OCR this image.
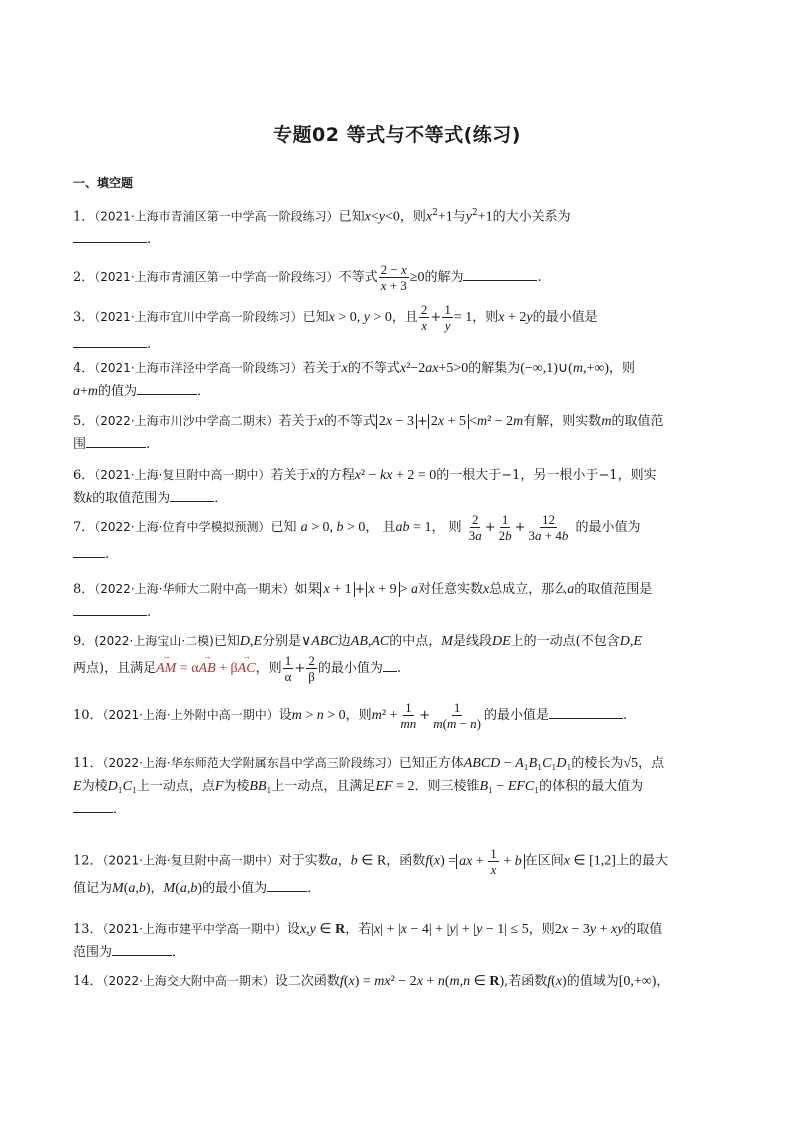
专题02 等式与不等式(练习)
一、填空题
1．（2021·上海市青浦区第一中学高一阶段练习）已知x<y<0，则$x^2+1$与$y^2+1$的大小关系为
.
2．（2021·上海市青浦区第一中学高一阶段练习）不等式 $\frac{2 - x}{x + 3} \ge 0$的解为	.
3．（2021·上海市宜川中学高一阶段练习）已知x > 0, y > 0，且 $\frac{2}{x} + \frac{1}{y} = 1$，则x + 2y的最小值是
.
4．（2021·上海市洋泾中学高一阶段练习）若关于x的不等式x²−2ax+5>0的解集为(−∞,1)∪(m,+∞)，则
a+m的值为	．
5．（2022·上海市川沙中学高二期末）若关于x的不等式 2x − 3 + 2x + 5 <m² − 2m有解，则实数m的取值范
围	.
6．（2021·上海·复旦附中高一期中）若关于x的方程x² − kx + 2 = 0的一根大于−1，另一根小于−1，则实
数k的取值范围为	．
7．（2022·上海·位育中学模拟预测）已知 a > 0, b > 0， 且ab = 1， 则 $\frac{2}{3a} + \frac{1}{2b} + \frac{12}{3a + 4b}$ 的最小值为
.
8．（2022·上海·华师大二附中高一期末）如果 x + 1 + x + 9 > a对任意实数x总成立，那么a的取值范围是
.
9．(2022·上海宝山·二模)已知D,E分别是∨ABC边AB,AC的中点，M是线段DE上的一动点(不包含D,E
两点)，且满足→ AM = α→ AB + β→ AC，则 $\frac{1}{\alpha} + \frac{2}{\beta}$ 的最小值为 .
10．（2021·上海·上外附中高一期中）设m > n > 0，则$m^2 + \frac{1}{mn} + \frac{1}{m(m - n)}$ 的最小值是	.
11．（2022·上海·华东师范大学附属东昌中学高三阶段练习）已知正方体ABCD − A₁B₁C₁D₁的棱长为√5，点
E为棱D₁C₁上一动点，点F为棱BB₁上一动点，且满足EF = 2．则三棱锥B₁ − EFC₁的体积的最大值为
．
12．（2021·上海·复旦附中高一期中）对于实数a，b ∈ R，函数f(x) = ax + $\frac{1}{x} + b$ 在区间x ∈ [1,2]上的最大
值记为M(a,b)，M(a,b)的最小值为	．
13．（2021·上海市建平中学高一期中）设x,y ∈ R，若|x| + |x − 4| + |y| + |y − 1| ≤ 5，则2x − 3y + xy的取值
范围为	．
14．（2022·上海交大附中高一期末）设二次函数f(x) = mx² − 2x + n(m,n ∈ R),若函数f(x)的值域为[0,+∞)，
